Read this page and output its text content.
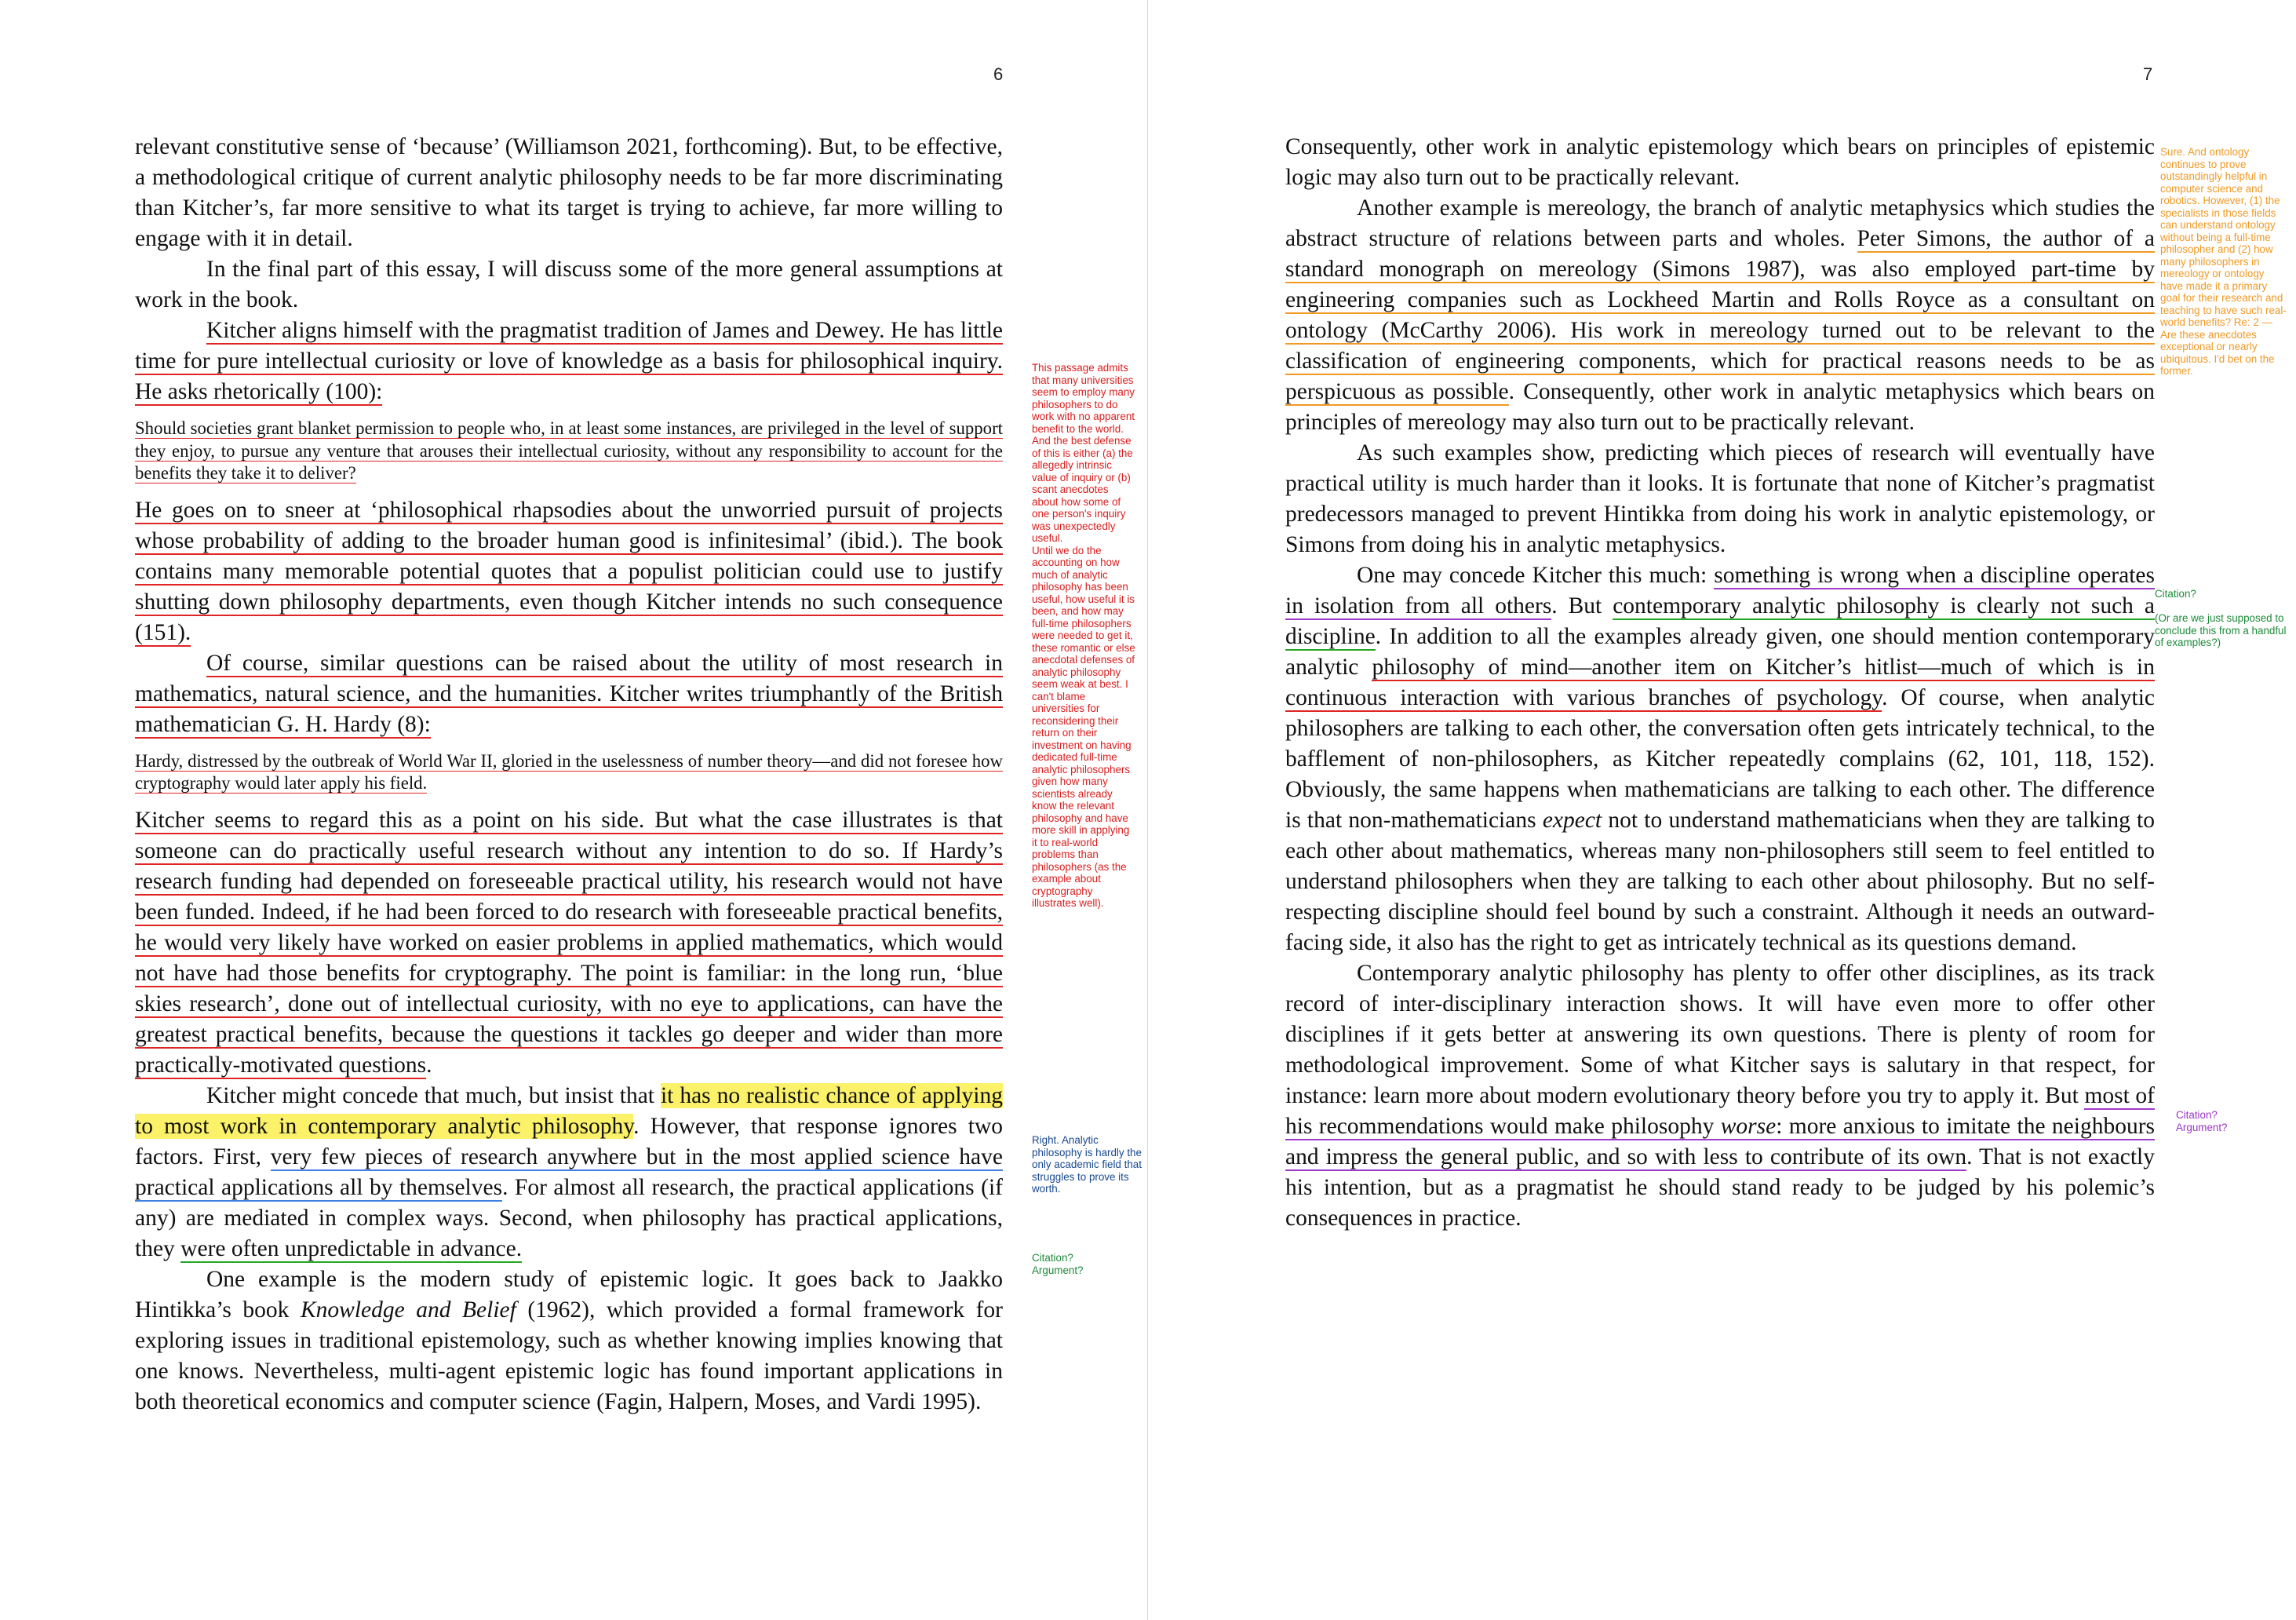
6

relevant constitutive sense of ‘because’ (Williamson 2021, forthcoming). But, to be effective, a methodological critique of current analytic philosophy needs to be far more discriminating than Kitcher’s, far more sensitive to what its target is trying to achieve, far more willing to engage with it in detail.

In the final part of this essay, I will discuss some of the more general assumptions at work in the book.

Kitcher aligns himself with the pragmatist tradition of James and Dewey. He has little time for pure intellectual curiosity or love of knowledge as a basis for philosophical inquiry. He asks rhetorically (100):

Should societies grant blanket permission to people who, in at least some instances, are privileged in the level of support they enjoy, to pursue any venture that arouses their intellectual curiosity, without any responsibility to account for the benefits they take it to deliver?

He goes on to sneer at ‘philosophical rhapsodies about the unworried pursuit of projects whose probability of adding to the broader human good is infinitesimal’ (ibid.). The book contains many memorable potential quotes that a populist politician could use to justify shutting down philosophy departments, even though Kitcher intends no such consequence (151).

Of course, similar questions can be raised about the utility of most research in mathematics, natural science, and the humanities. Kitcher writes triumphantly of the British mathematician G. H. Hardy (8):

Hardy, distressed by the outbreak of World War II, gloried in the uselessness of number theory—and did not foresee how cryptography would later apply his field.

Kitcher seems to regard this as a point on his side. But what the case illustrates is that someone can do practically useful research without any intention to do so. If Hardy’s research funding had depended on foreseeable practical utility, his research would not have been funded. Indeed, if he had been forced to do research with foreseeable practical benefits, he would very likely have worked on easier problems in applied mathematics, which would not have had those benefits for cryptography. The point is familiar: in the long run, ‘blue skies research’, done out of intellectual curiosity, with no eye to applications, can have the greatest practical benefits, because the questions it tackles go deeper and wider than more practically-motivated questions.

Kitcher might concede that much, but insist that it has no realistic chance of applying to most work in contemporary analytic philosophy. However, that response ignores two factors. First, very few pieces of research anywhere but in the most applied science have practical applications all by themselves. For almost all research, the practical applications (if any) are mediated in complex ways. Second, when philosophy has practical applications, they were often unpredictable in advance.

One example is the modern study of epistemic logic. It goes back to Jaakko Hintikka’s book Knowledge and Belief (1962), which provided a formal framework for exploring issues in traditional epistemology, such as whether knowing implies knowing that one knows. Nevertheless, multi-agent epistemic logic has found important applications in both theoretical economics and computer science (Fagin, Halpern, Moses, and Vardi 1995).

This passage admits that many universities seem to employ many philosophers to do work with no apparent benefit to the world. And the best defense of this is either (a) the allegedly intrinsic value of inquiry or (b) scant anecdotes about how some of one person's inquiry was unexpectedly useful.
Until we do the accounting on how much of analytic philosophy has been useful, how useful it is been, and how may full-time philosophers were needed to get it, these romantic or else anecdotal defenses of analytic philosophy seem weak at best. I can't blame universities for reconsidering their return on their investment on having dedicated full-time analytic philosophers given how many scientists already know the relevant philosophy and have more skill in applying it to real-world problems than philosophers (as the example about cryptography illustrates well).
Right. Analytic philosophy is hardly the only academic field that struggles to prove its worth.
Citation?
Argument?
7

Consequently, other work in analytic epistemology which bears on principles of epistemic logic may also turn out to be practically relevant.

Another example is mereology, the branch of analytic metaphysics which studies the abstract structure of relations between parts and wholes. Peter Simons, the author of a standard monograph on mereology (Simons 1987), was also employed part-time by engineering companies such as Lockheed Martin and Rolls Royce as a consultant on ontology (McCarthy 2006). His work in mereology turned out to be relevant to the classification of engineering components, which for practical reasons needs to be as perspicuous as possible. Consequently, other work in analytic metaphysics which bears on principles of mereology may also turn out to be practically relevant.

As such examples show, predicting which pieces of research will eventually have practical utility is much harder than it looks. It is fortunate that none of Kitcher’s pragmatist predecessors managed to prevent Hintikka from doing his work in analytic epistemology, or Simons from doing his in analytic metaphysics.

One may concede Kitcher this much: something is wrong when a discipline operates in isolation from all others. But contemporary analytic philosophy is clearly not such a discipline. In addition to all the examples already given, one should mention contemporary analytic philosophy of mind—another item on Kitcher’s hitlist—much of which is in continuous interaction with various branches of psychology. Of course, when analytic philosophers are talking to each other, the conversation often gets intricately technical, to the bafflement of non-philosophers, as Kitcher repeatedly complains (62, 101, 118, 152). Obviously, the same happens when mathematicians are talking to each other. The difference is that non-mathematicians expect not to understand mathematicians when they are talking to each other about mathematics, whereas many non-philosophers still seem to feel entitled to understand philosophers when they are talking to each other about philosophy. But no self-respecting discipline should feel bound by such a constraint. Although it needs an outward-facing side, it also has the right to get as intricately technical as its questions demand.

Contemporary analytic philosophy has plenty to offer other disciplines, as its track record of inter-disciplinary interaction shows. It will have even more to offer other disciplines if it gets better at answering its own questions. There is plenty of room for methodological improvement. Some of what Kitcher says is salutary in that respect, for instance: learn more about modern evolutionary theory before you try to apply it. But most of his recommendations would make philosophy worse: more anxious to imitate the neighbours and impress the general public, and so with less to contribute of its own. That is not exactly his intention, but as a pragmatist he should stand ready to be judged by his polemic’s consequences in practice.

Sure. And ontology continues to prove outstandingly helpful in computer science and robotics. However, (1) the specialists in those fields can understand ontology without being a full-time philosopher and (2) how many philosophers in mereology or ontology have made it a primary goal for their research and teaching to have such real-world benefits? Re: 2 — Are these anecdotes exceptional or nearly ubiquitous. I'd bet on the former.
Citation?

(Or are we just supposed to conclude this from a handful of examples?)
Citation?
Argument?
